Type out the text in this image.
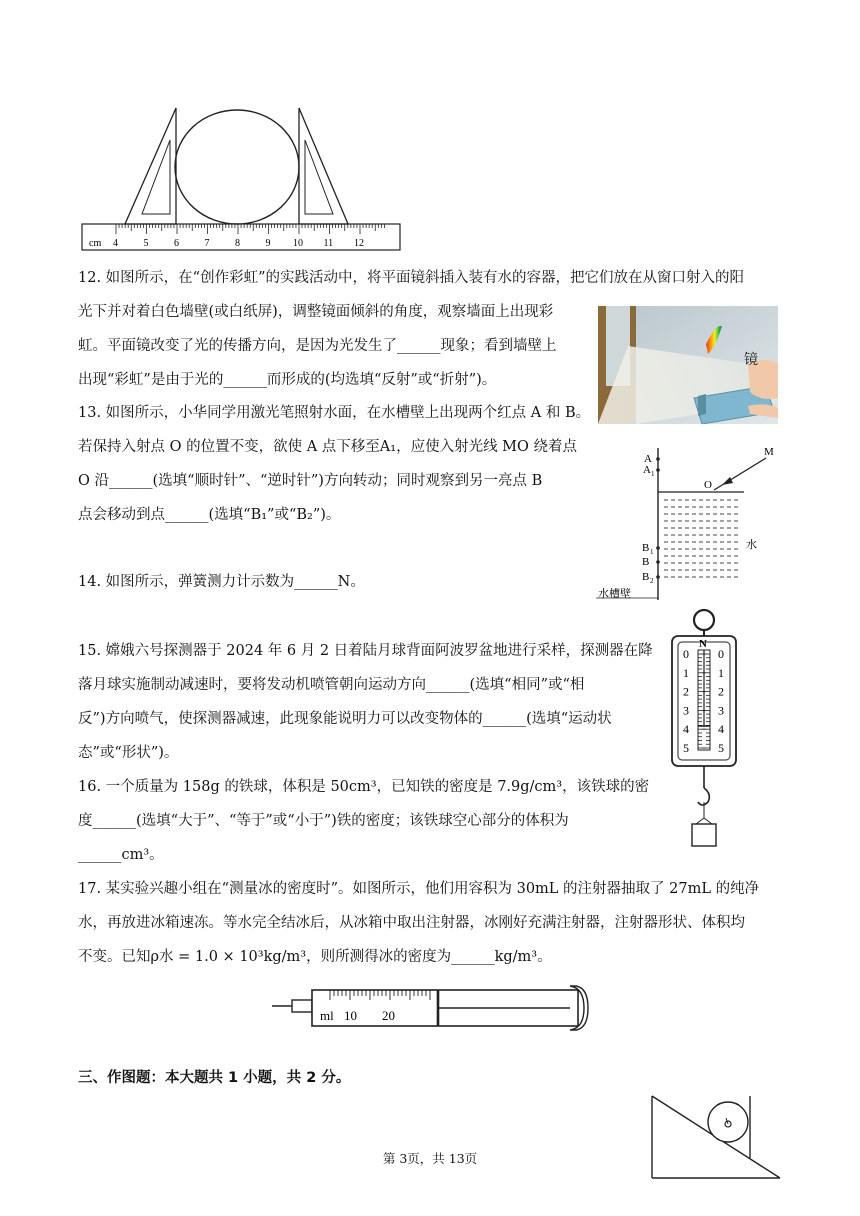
cm 4	5	6	7	8	9 10 11 12
12. 如图所示，在“创作彩虹”的实践活动中，将平面镜斜插入装有水的容器，把它们放在从窗口射入的阳
光下并对着白色墙壁(或白纸屏)，调整镜面倾斜的角度，观察墙面上出现彩
虹。平面镜改变了光的传播方向，是因为光发生了______现象；看到墙壁上
出现“彩虹”是由于光的______而形成的(均选填“反射”或“折射”)。
镜
13. 如图所示，小华同学用激光笔照射水面，在水槽壁上出现两个红点 A 和 B。
若保持入射点 O 的位置不变，欲使 A 点下移至A₁，应使入射光线 MO 绕着点
O 沿______(选填“顺时针”、“逆时针”)方向转动；同时观察到另一亮点 B
点会移动到点______(选填“B₁”或“B₂”)。
A
A 1
M
O
水
B 1
B
B 2
水槽壁
14. 如图所示，弹簧测力计示数为______N。
N
0
1
2
3
4
5
0
1
2
3
4
5
15. 嫦娥六号探测器于 2024 年 6 月 2 日着陆月球背面阿波罗盆地进行采样，探测器在降
落月球实施制动减速时，要将发动机喷管朝向运动方向______(选填“相同”或“相
反”)方向喷气，使探测器减速，此现象能说明力可以改变物体的______(选填“运动状
态”或“形状”)。
16. 一个质量为 158g 的铁球，体积是 50cm³，已知铁的密度是 7.9g/cm³，该铁球的密
度______(选填“大于”、“等于”或“小于”)铁的密度；该铁球空心部分的体积为
______cm³。
17. 某实验兴趣小组在“测量冰的密度时”。如图所示，他们用容积为 30mL 的注射器抽取了 27mL 的纯净
水，再放进冰箱速冻。等水完全结冰后，从冰箱中取出注射器，冰刚好充满注射器，注射器形状、体积均
不变。已知ρ水 = 1.0 × 10³kg/m³，则所测得冰的密度为______kg/m³。
ml 10 20
三、作图题：本大题共 1 小题，共 2 分。
第 3页，共 13页
